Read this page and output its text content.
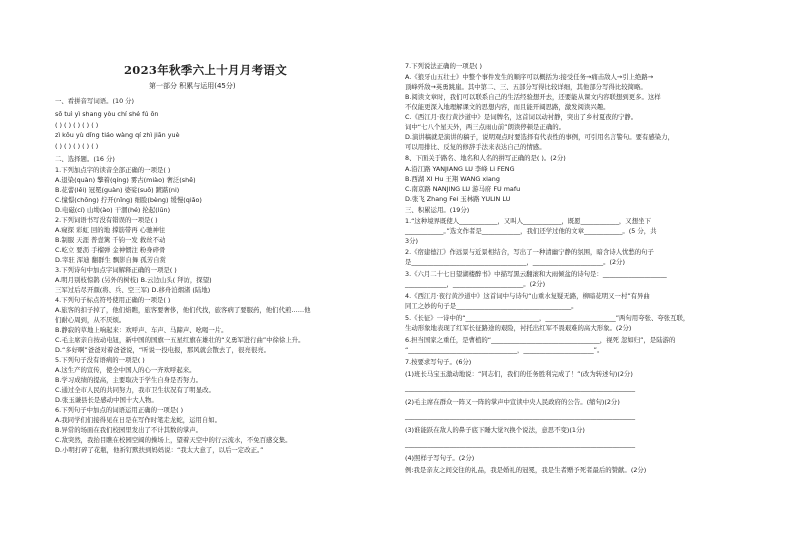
2023年秋季六上十月月考语文
第一部分 积累与运用(45分)
一、看拼音写词语。(10 分)
sō tuì yì shang yòu chí shé fú ōn
( ) ( ) ( ) ( ) ( )
zì kǒu yù dǐng tiáo wàng qí zhì jiān yuè
( ) ( ) ( ) ( ) ( )
二、选择题。(16 分)
1.下列加点字的读音全部正确的一项是( )
A.退染(quàn) 擎着(qíng) 雾古(miào) 奢泛(shē)
B.花蕾(lěi) 冠冕(guàn) 婆娑(suō) 踱踮(ni)
C.憧憬(chōng) 拧开(nǐng) 细脸(bèng) 缓慢(qiǎo)
D.电磁(cí) 山坳(ào) 干涸(hé) 抡起(lūn)
2.下列词语书写没有错误的一项是( )
A.窥探 彩虹 回的地 撑筋带再 心驰神往
B.制服 天涯 普壹篱 千钧一发 救丝不动
C.屹立 要沥 手榴弹 金神惯注 粉身碎骨
D.宰驻 浑迪 翻群生 飘影自舞 孤芳自赏
3.下列诗句中加点字词解释正确的一项是( )
A.明月别枝惊鹊 (另外的树枝) B.云边山头( 拜访，探望)
三军过后尽开颜(将、兵、空三军) D.移舟泊烟渚 (陆地)
4.下列句子标点符号使用正确的一项是( )
A.旅客的扣子掉了，他们焰瞧，旅客要奢侈，他们代找，旅客病了要服药，他们代煎……他
们耐心周到，从不厌烦。
B.静寂的草地上响起来：欢呼声、车声、马蹄声、吆喝一片。
C.毛主席亲自按动电钮，新中国的国旗一五星红旗在雄壮的“义勇军进行曲”中徐徐上升。
D.“多好啊”爸爸对着爸爸说，“听说一投电报，那风就会散去了，很亮很亮。
5.下列句子没有语病的一项是( )
A.这生产的宣传，使全中国人的心一齐欢呼起来。
B.学习成绩的提高，主要取决于学生自身是否努力。
C.通过全市人民的共同努力，我市卫生状况有了明显改。
D.张玉谦县长是感动中国十大人物。
6.下列句子中加点的词语运用正确的一项是( )
A.我同学们们接得见在日是在写作时笔走龙蛇，运用自如。
B.异常的场面在我们校园里发出了不计其数的掌声。
C.敌突然，我抬目瞧在校园空阔的操场上，望着天空中的行云流水，不免百感交集。
D.小明打碎了花瓶，他祈钉默扶到妈妈说：“我太大意了，以后一定改正。”
7.下列说法正确的一项是( )
A.《狼牙山五壮士》中整个事件发生的顺序可以概括为:接受任务→痛击敌人→引上绝路→
顶峰歼敌→英勇跳崖。其中第二、三、五部分写得比较详细，其他部分写得比较简略。
B.阅读文章时，我们可以联系自己的生活经验想开去，还要能从课文内容联想到更多。这样
不仅能更深入地理解课文的思想内容，而且能开阔思路，激发阅读兴趣。
C.《西江月·夜行黄沙道中》是词牌名，这首词以动衬静，突出了乡村夏夜的宁静。
词中“七八个星天外，两三点雨山前”朗读停顿是正确的。
D.演讲稿就是演讲的稿子，说明观点时要选择有代表性的事例，可引用名言警句。要有感染力，
可以用排比、反复的修辞手法来表达自己的情感。
8、下面关于路名、地名和人名的拼写正确的是( )。(2分)
A.沿江路 YANJIANG LU 李峰 Li FENG
B.西湖 XI Hu 王翔 WANG xiang
C.南京路 NANJING LU 游马府 FU mafu
D.张飞 Zhang Fei 玉林路 YULIN LU
三、积累运用。(19分)
1.“这种境界既使人____________，又叫人____________，既愿____________，又想坐下
____________。”选文作者是____________，我们还学过他的文章____________。(5 分，共
3分)
2.《宿建德江》作远景与近景相结合，写出了一种清幽宁静的氛围，暗含诗人忧愁的句子
是____________________________________，______________________。(2分)
3.《六月二十七日望湖楼醉书》中描写黑云翻滚和大雨倾盆的诗句是：____________________
_____________，______________________。(2分)
4.《西江月·夜行黄沙道中》这首词中与诗句“山重水复疑无路，柳暗花明又一村”有异曲
同工之妙的句子是____________________________________。
5.《长征》一诗中的“_______________________，______________________”两句用夸张、夸张互联，
生动形象地表现了红军长征路途的艰险，衬托出红军不畏艰难的高大形象。(2分)
6.担当国家之重任，是曹植的“__________________________________，视死 忽如归”，是陆游的
“__________________________________，______________________”。
7.按要求写句子。(6分)
(1)班长马宝玉激动地说：“同志们，我们的任务胜利完成了！”(改为转述句)(2分)
________________________________________________________________________
(2)毛主席在群众一阵又一阵的掌声中宣读中央人民政府的公告。(缩句)(2分)
________________________________________________________________________
(3)谁能跃在敌人的鼻子底下睡大觉?(换个说法，意思不变)(1分)
________________________________________________________________________
(4)照样子写句子。(2分)
例:我是亲友之间交往的礼品，我是婚礼的冠冕，我是生者赠予死者最后的赞献。(2分)
